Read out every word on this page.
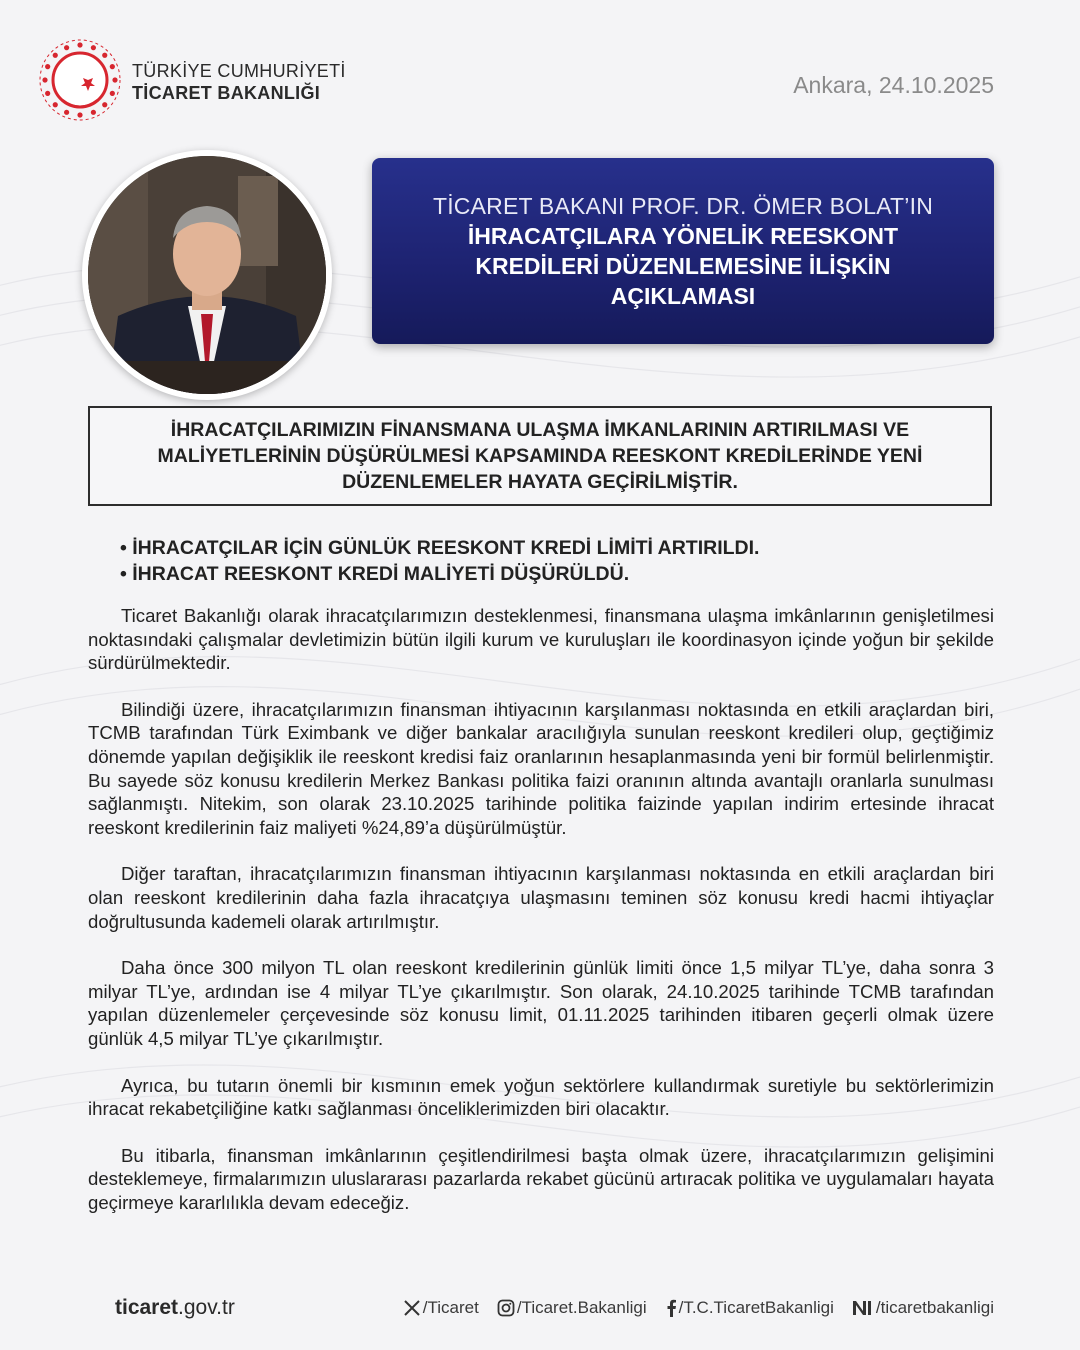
TÜRKİYE CUMHURİYETİ
TİCARET BAKANLIĞI	Ankara, 24.10.2025
TİCARET BAKANI PROF. DR. ÖMER BOLAT’IN
İHRACATÇILARA YÖNELİK REESKONT
KREDİLERİ DÜZENLEMESİNE İLİŞKİN
AÇIKLAMASI
İHRACATÇILARIMIZIN FİNANSMANA ULAŞMA İMKANLARININ ARTIRILMASI VE MALİYETLERİNİN DÜŞÜRÜLMESİ KAPSAMINDA REESKONT KREDİLERİNDE YENİ DÜZENLEMELER HAYATA GEÇİRİLMİŞTİR.
• İHRACATÇILAR İÇİN GÜNLÜK REESKONT KREDİ LİMİTİ ARTIRILDI.
• İHRACAT REESKONT KREDİ MALİYETİ DÜŞÜRÜLDÜ.

Ticaret Bakanlığı olarak ihracatçılarımızın desteklenmesi, finansmana ulaşma imkânlarının genişletilmesi noktasındaki çalışmalar devletimizin bütün ilgili kurum ve kuruluşları ile koordinasyon içinde yoğun bir şekilde sürdürülmektedir.

Bilindiği üzere, ihracatçılarımızın finansman ihtiyacının karşılanması noktasında en etkili araçlardan biri, TCMB tarafından Türk Eximbank ve diğer bankalar aracılığıyla sunulan reeskont kredileri olup, geçtiğimiz dönemde yapılan değişiklik ile reeskont kredisi faiz oranlarının hesaplanmasında yeni bir formül belirlenmiştir. Bu sayede söz konusu kredilerin Merkez Bankası politika faizi oranının altında avantajlı oranlarla sunulması sağlanmıştı. Nitekim, son olarak 23.10.2025 tarihinde politika faizinde yapılan indirim ertesinde ihracat reeskont kredilerinin faiz maliyeti %24,89’a düşürülmüştür.

Diğer taraftan, ihracatçılarımızın finansman ihtiyacının karşılanması noktasında en etkili araçlardan biri olan reeskont kredilerinin daha fazla ihracatçıya ulaşmasını teminen söz konusu kredi hacmi ihtiyaçlar doğrultusunda kademeli olarak artırılmıştır.

Daha önce 300 milyon TL olan reeskont kredilerinin günlük limiti önce 1,5 milyar TL’ye, daha sonra 3 milyar TL’ye, ardından ise 4 milyar TL’ye çıkarılmıştır. Son olarak, 24.10.2025 tarihinde TCMB tarafından yapılan düzenlemeler çerçevesinde söz konusu limit, 01.11.2025 tarihinden itibaren geçerli olmak üzere günlük 4,5 milyar TL’ye çıkarılmıştır.

Ayrıca, bu tutarın önemli bir kısmının emek yoğun sektörlere kullandırmak suretiyle bu sektörlerimizin ihracat rekabetçiliğine katkı sağlanması önceliklerimizden biri olacaktır.

Bu itibarla, finansman imkânlarının çeşitlendirilmesi başta olmak üzere, ihracatçılarımızın gelişimini desteklemeye, firmalarımızın uluslararası pazarlarda rekabet gücünü artıracak politika ve uygulamaları hayata geçirmeye kararlılıkla devam edeceğiz.

ticaret.gov.tr	/Ticaret /Ticaret.Bakanligi /T.C.TicaretBakanligi /ticaretbakanligi
